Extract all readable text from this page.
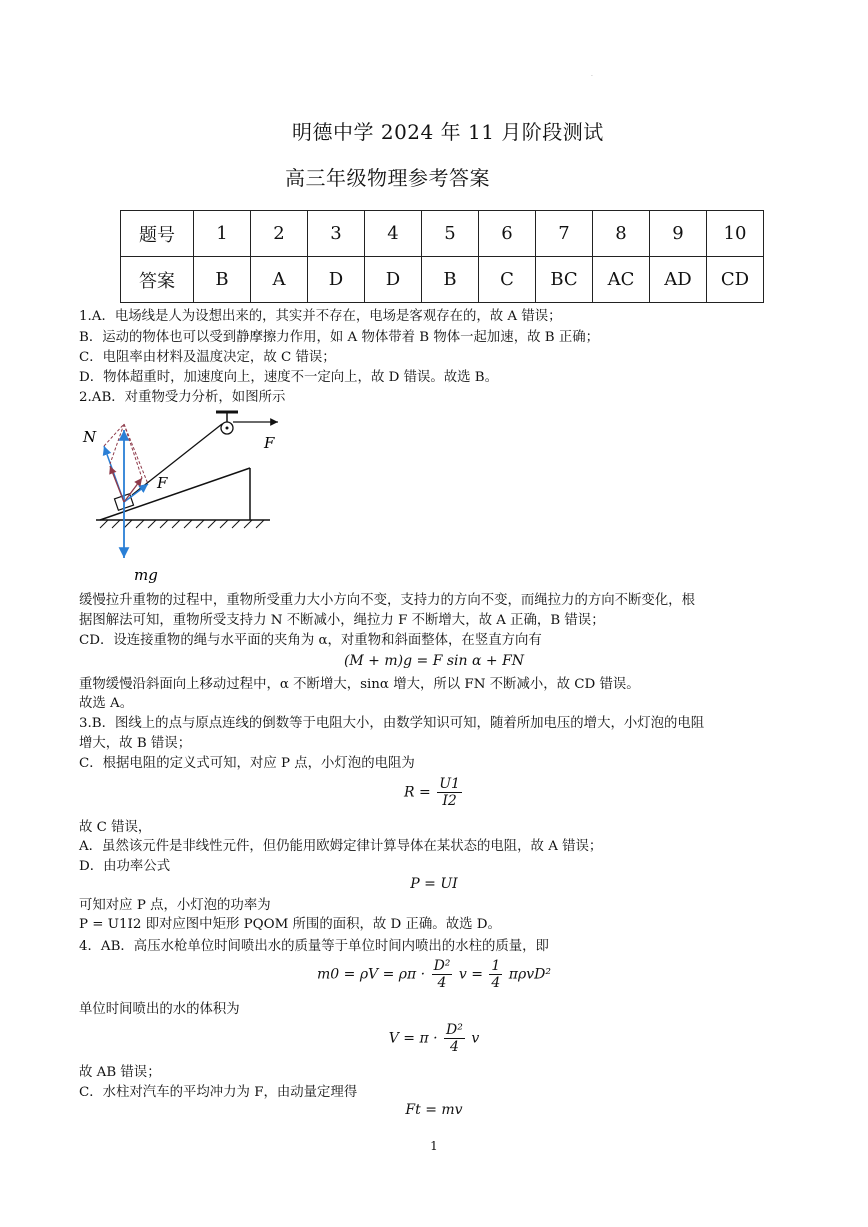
·
明德中学 2024 年 11 月阶段测试
高三年级物理参考答案
题号	1	2	3	4	5	6	7	8	9	10
答案	B	A	D	D	B	C	BC	AC	AD	CD
1.A．电场线是人为设想出来的，其实并不存在，电场是客观存在的，故 A 错误；
B．运动的物体也可以受到静摩擦力作用，如 A 物体带着 B 物体一起加速，故 B 正确；
C．电阻率由材料及温度决定，故 C 错误；
D．物体超重时，加速度向上，速度不一定向上，故 D 错误。故选 B。
2.AB．对重物受力分析，如图所示
N	F
F
mg
缓慢拉升重物的过程中，重物所受重力大小方向不变，支持力的方向不变，而绳拉力的方向不断变化，根
据图解法可知，重物所受支持力 N 不断减小，绳拉力 F 不断增大，故 A 正确，B 错误；
CD．设连接重物的绳与水平面的夹角为 α，对重物和斜面整体，在竖直方向有
(M + m)g = F sin α + FN
重物缓慢沿斜面向上移动过程中，α 不断增大，sinα 增大，所以 FN 不断减小，故 CD 错误。
故选 A。
3.B．图线上的点与原点连线的倒数等于电阻大小，由数学知识可知，随着所加电压的增大，小灯泡的电阻
增大，故 B 错误；
C．根据电阻的定义式可知，对应 P 点，小灯泡的电阻为
$R = \frac{U1}{I2}$
故 C 错误，
A．虽然该元件是非线性元件，但仍能用欧姆定律计算导体在某状态的电阻，故 A 错误；
D．由功率公式
P = UI
可知对应 P 点，小灯泡的功率为
P = U1I2 即对应图中矩形 PQOM 所围的面积，故 D 正确。故选 D。
4．AB．高压水枪单位时间喷出水的质量等于单位时间内喷出的水柱的质量，即
$m0 = \rho V = \rho\pi \cdot \frac{\text{D²}}{4}$ $v = \frac{1}{4} \pi\rho vD^2$
单位时间喷出的水的体积为
$V = \pi \cdot \frac{\text{D²}}{4}$ v
故 AB 错误；
C．水柱对汽车的平均冲力为 F，由动量定理得
Ft = mv
1
